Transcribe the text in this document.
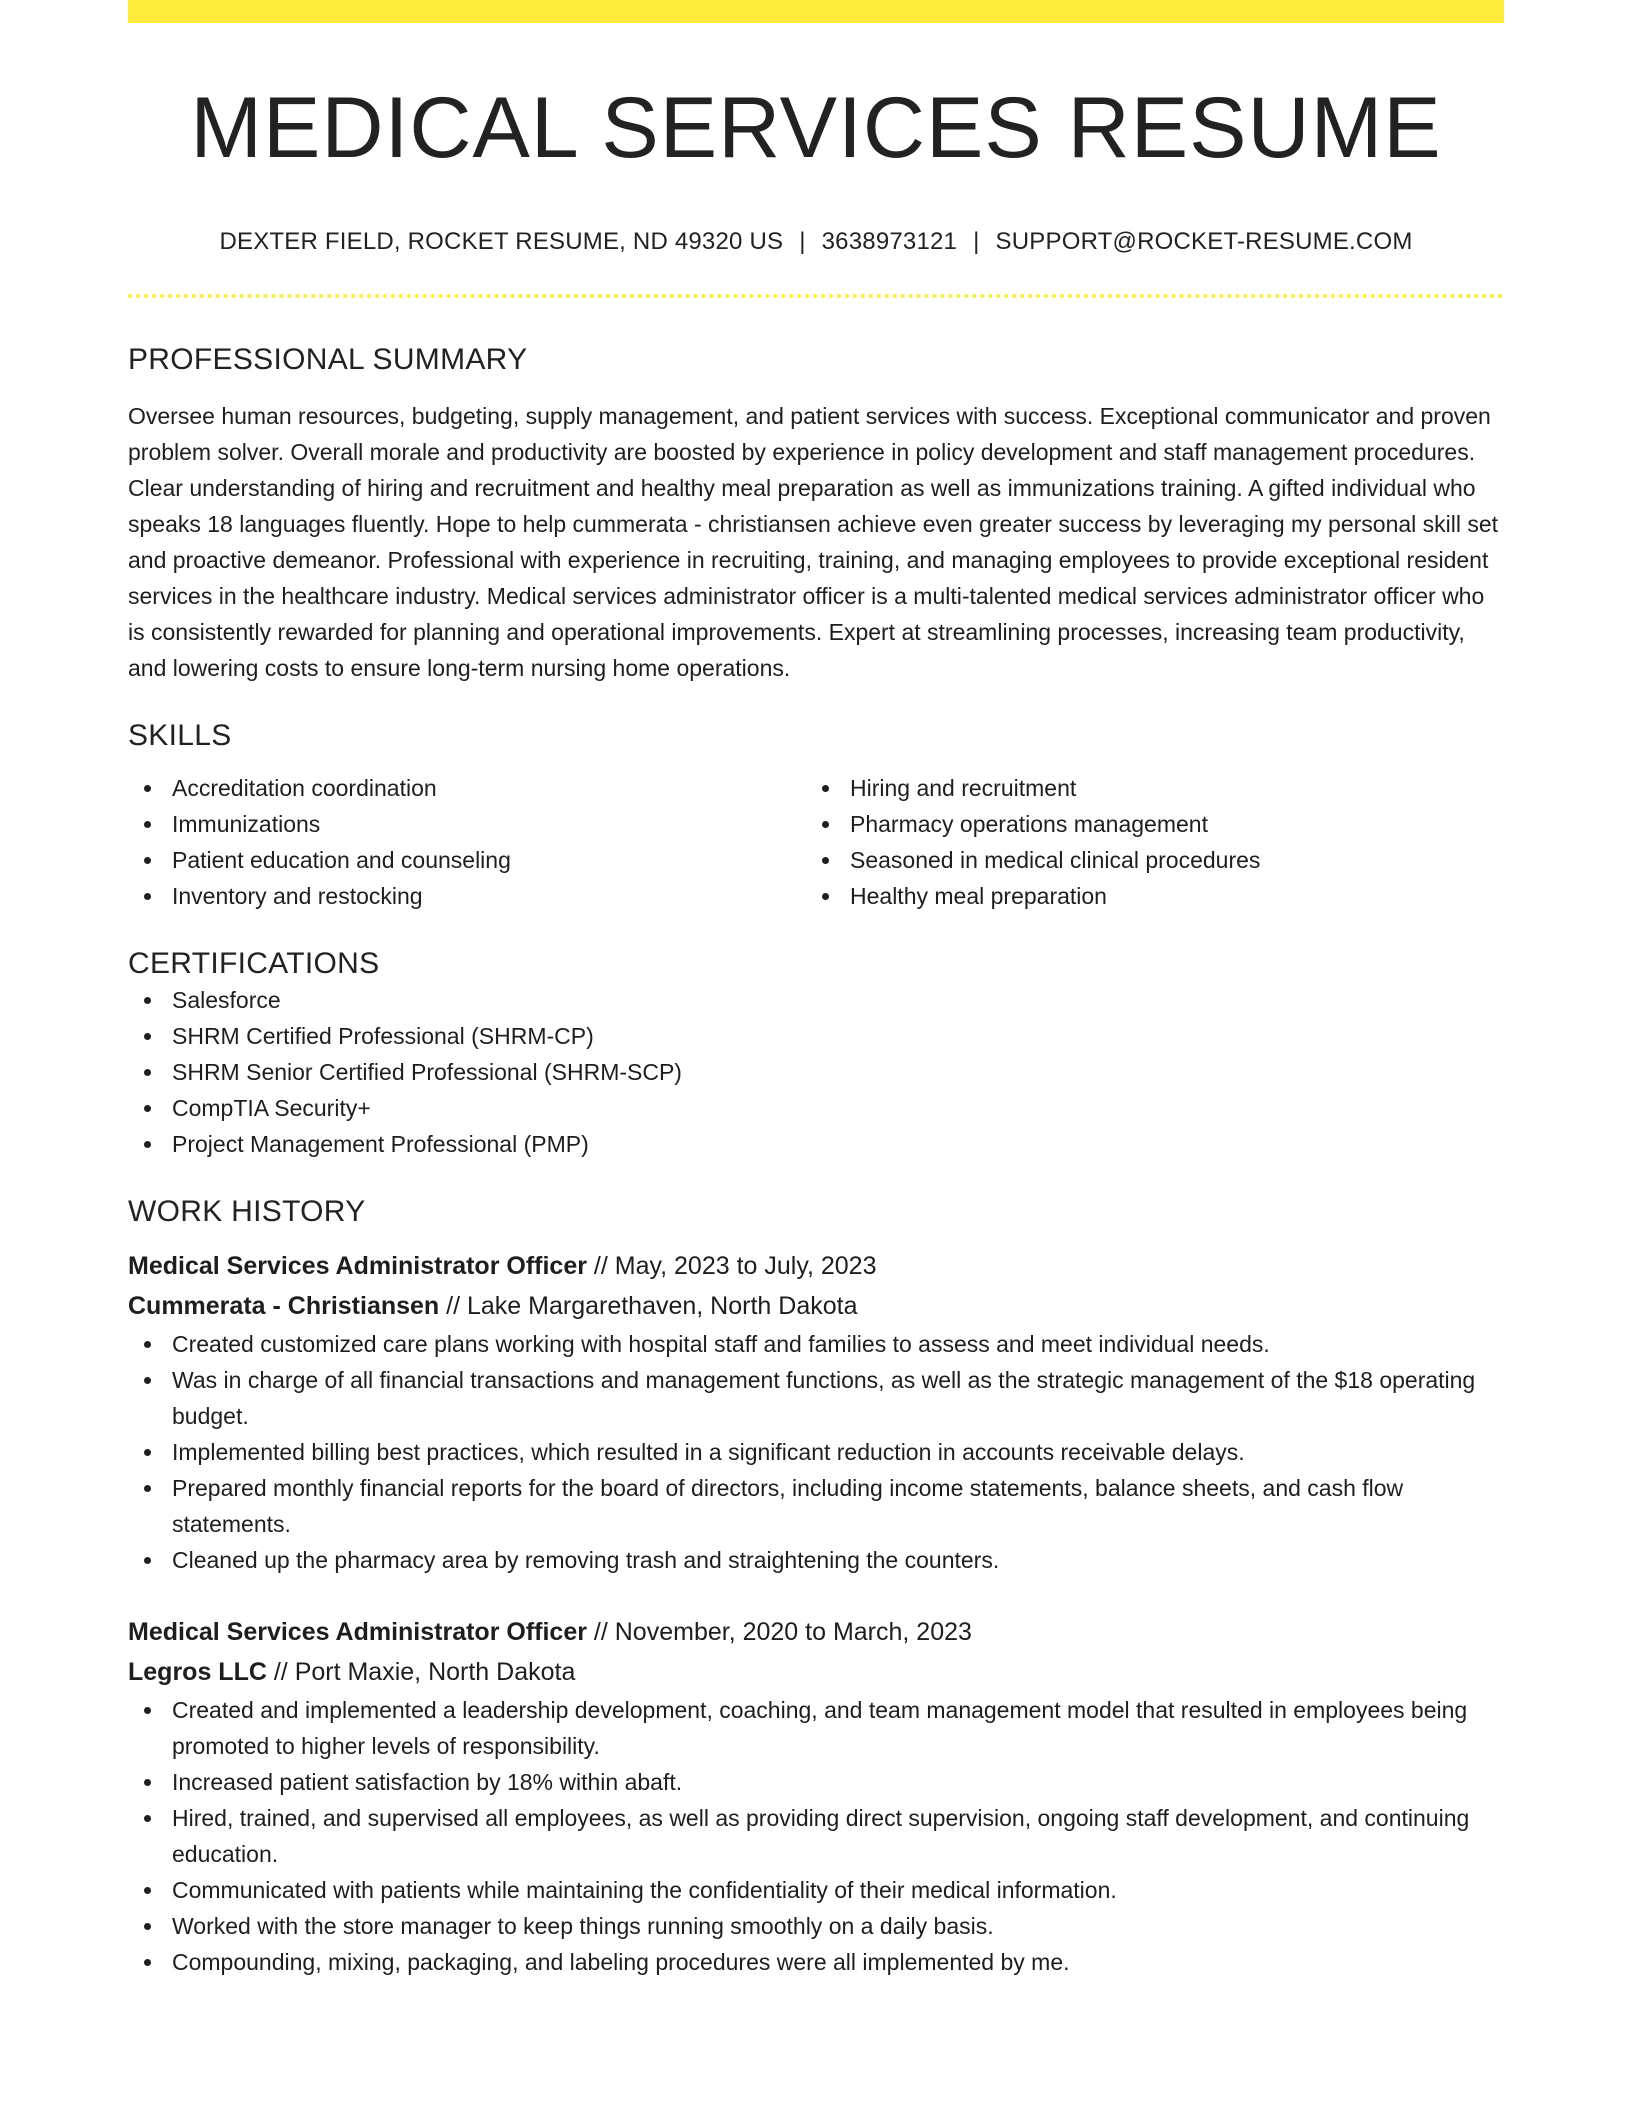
MEDICAL SERVICES RESUME
DEXTER FIELD, ROCKET RESUME, ND 49320 US | 3638973121 | SUPPORT@ROCKET-RESUME.COM
PROFESSIONAL SUMMARY

Oversee human resources, budgeting, supply management, and patient services with success. Exceptional communicator and proven problem solver. Overall morale and productivity are boosted by experience in policy development and staff management procedures. Clear understanding of hiring and recruitment and healthy meal preparation as well as immunizations training. A gifted individual who speaks 18 languages fluently. Hope to help cummerata - christiansen achieve even greater success by leveraging my personal skill set and proactive demeanor. Professional with experience in recruiting, training, and managing employees to provide exceptional resident services in the healthcare industry. Medical services administrator officer is a multi-talented medical services administrator officer who is consistently rewarded for planning and operational improvements. Expert at streamlining processes, increasing team productivity, and lowering costs to ensure long-term nursing home operations.

SKILLS
Accreditation coordination
Immunizations
Patient education and counseling
Inventory and restocking
Hiring and recruitment
Pharmacy operations management
Seasoned in medical clinical procedures
Healthy meal preparation
CERTIFICATIONS
Salesforce
SHRM Certified Professional (SHRM-CP)
SHRM Senior Certified Professional (SHRM-SCP)
CompTIA Security+
Project Management Professional (PMP)
WORK HISTORY
Medical Services Administrator Officer // May, 2023 to July, 2023
Cummerata - Christiansen // Lake Margarethaven, North Dakota
Created customized care plans working with hospital staff and families to assess and meet individual needs.
Was in charge of all financial transactions and management functions, as well as the strategic management of the $18 operating budget.
Implemented billing best practices, which resulted in a significant reduction in accounts receivable delays.
Prepared monthly financial reports for the board of directors, including income statements, balance sheets, and cash flow statements.
Cleaned up the pharmacy area by removing trash and straightening the counters.
Medical Services Administrator Officer // November, 2020 to March, 2023
Legros LLC // Port Maxie, North Dakota
Created and implemented a leadership development, coaching, and team management model that resulted in employees being promoted to higher levels of responsibility.
Increased patient satisfaction by 18% within abaft.
Hired, trained, and supervised all employees, as well as providing direct supervision, ongoing staff development, and continuing education.
Communicated with patients while maintaining the confidentiality of their medical information.
Worked with the store manager to keep things running smoothly on a daily basis.
Compounding, mixing, packaging, and labeling procedures were all implemented by me.
